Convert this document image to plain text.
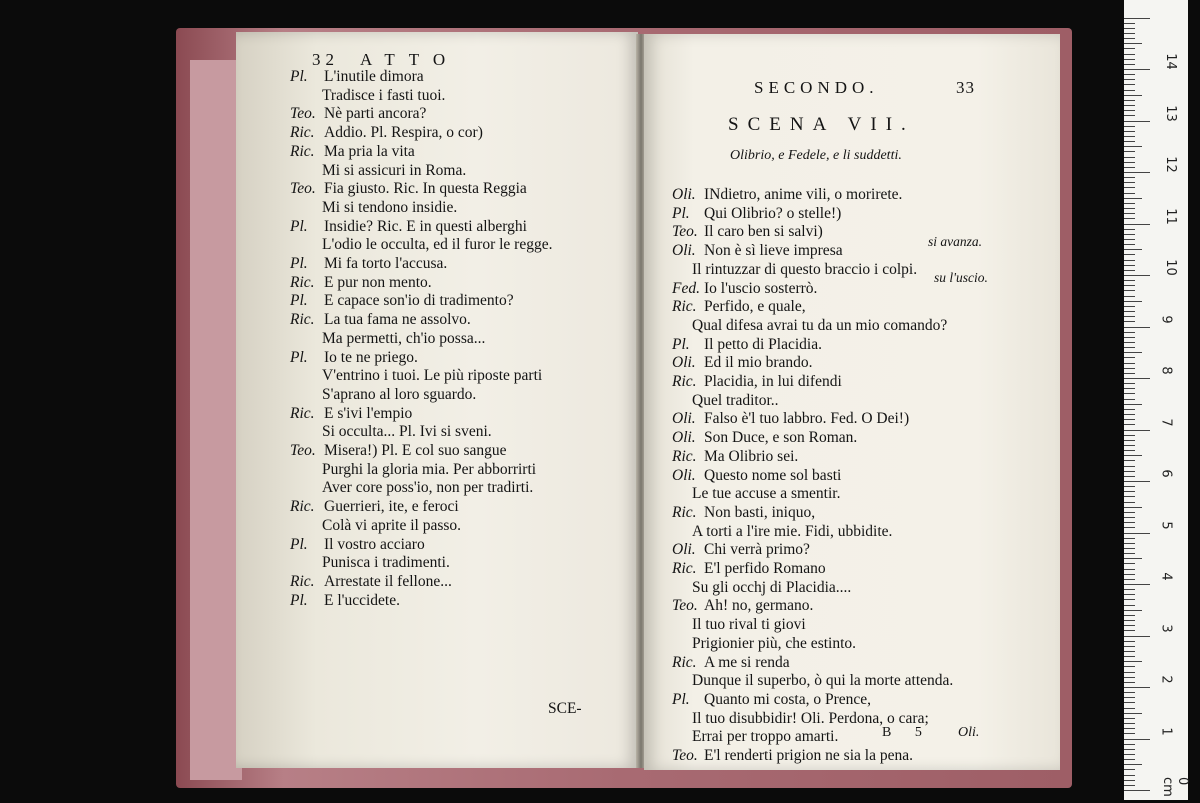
32 ATTO
Pl. L'inutile dimora
Tradisce i fasti tuoi.
Teo. Nè parti ancora?
Ric. Addio. Pl. Respira, o cor)
Ric. Ma pria la vita
Mi si assicuri in Roma.
Teo. Fia giusto. Ric. In questa Reggia
Mi si tendono insidie.
Pl. Insidie? Ric. E in questi alberghi
L'odio le occulta, ed il furor le regge.
Pl. Mi fa torto l'accusa.
Ric. E pur non mento.
Pl. E capace son'io di tradimento?
Ric. La tua fama ne assolvo.
Ma permetti, ch'io possa...
Pl. Io te ne priego.
V'entrino i tuoi. Le più riposte parti
S'aprano al loro sguardo.
Ric. E s'ivi l'empio
Si occulta... Pl. Ivi si sveni.
Teo. Misera!) Pl. E col suo sangue
Purghi la gloria mia. Per abborrirti
Aver core poss'io, non per tradirti.
Ric. Guerrieri, ite, e feroci
Colà vi aprite il passo.
Pl. Il vostro acciaro
Punisca i tradimenti.
Ric. Arrestate il fellone...
Pl. E l'uccidete.
SCE-
SECONDO.	33
SCENA VII.
Olibrio, e Fedele, e li suddetti.
Oli. INdietro, anime vili, o morirete.
Pl. Qui Olibrio? o stelle!)
Teo. Il caro ben si salvi)
Oli. Non è sì lieve impresa
Il rintuzzar di questo braccio i colpi.
Fed. Io l'uscio sosterrò.
Ric. Perfido, e quale,
Qual difesa avrai tu da un mio comando?
Pl. Il petto di Placidia.
Oli. Ed il mio brando.
Ric. Placidia, in lui difendi
Quel traditor..
Oli. Falso è'l tuo labbro. Fed. O Dei!)
Oli. Son Duce, e son Roman.
Ric. Ma Olibrio sei.
Oli. Questo nome sol basti
Le tue accuse a smentir.
Ric. Non basti, iniquo,
A torti a l'ire mie. Fidi, ubbidite.
Oli. Chi verrà primo?
Ric. E'l perfido Romano
Su gli occhj di Placidia....
Teo. Ah! no, germano.
Il tuo rival ti giovi
Prigionier più, che estinto.
Ric. A me si renda
Dunque il superbo, ò qui la morte attenda.
Pl. Quanto mi costa, o Prence,
Il tuo disubbidir! Oli. Perdona, o cara;
Errai per troppo amarti.
Teo. E'l renderti prigion ne sia la pena.
si avanza.
su l'uscio.
B 5 Oli.
0 cm
1
2
3
4
5
6
7
8
9
10
11
12
13
14
